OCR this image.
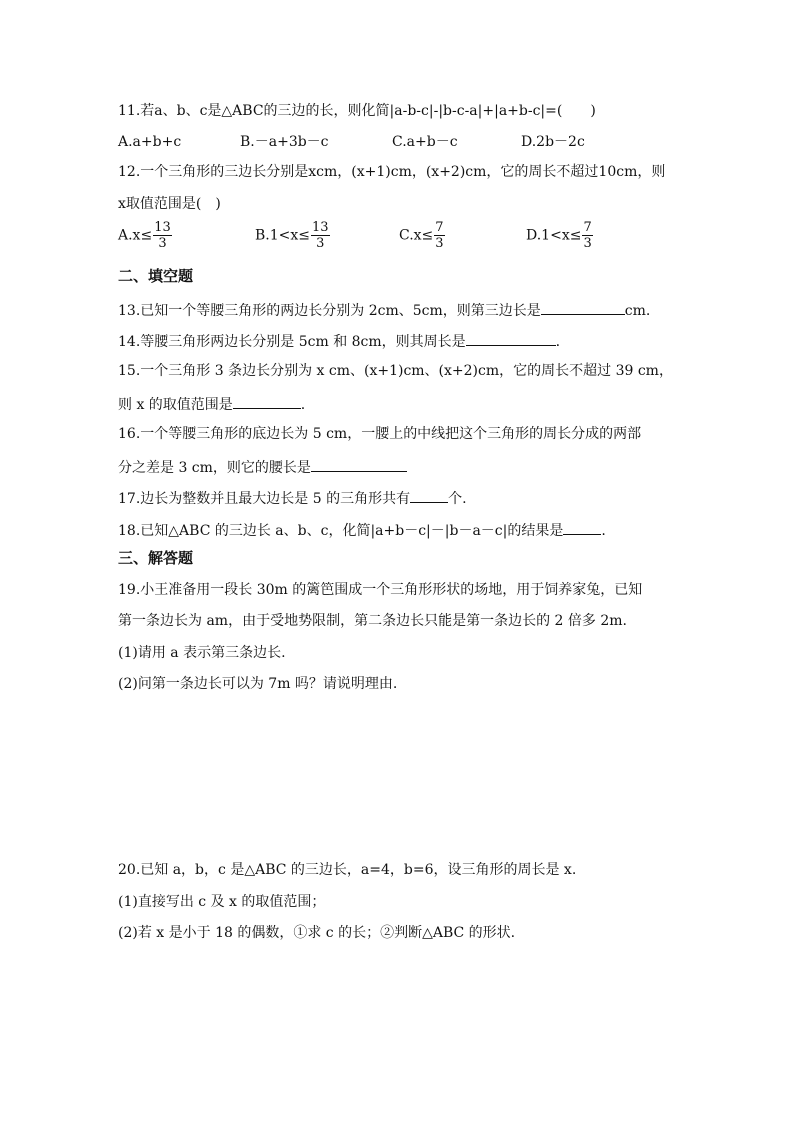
11.若a、b、c是△ABC的三边的长，则化简|a-b-c|-|b-c-a|+|a+b-c|=(　　)
A.a+b+c	B.－a+3b－c	C.a+b－c	D.2b－2c
12.一个三角形的三边长分别是xcm，(x+1)cm，(x+2)cm，它的周长不超过10cm，则
x取值范围是(　)
$A.x\le \frac{13}{3}$	$B.1<x\le \frac{13}{3}$	$C.x\le \frac{7}{3}$	$D.1<x\le \frac{7}{3}$
二、填空题
13.已知一个等腰三角形的两边长分别为 2cm、5cm，则第三边长是	cm.
14.等腰三角形两边长分别是 5cm 和 8cm，则其周长是	.
15.一个三角形 3 条边长分别为 x cm、(x+1)cm、(x+2)cm，它的周长不超过 39 cm，
则 x 的取值范围是	.
16.一个等腰三角形的底边长为 5 cm，一腰上的中线把这个三角形的周长分成的两部
分之差是 3 cm，则它的腰长是
17.边长为整数并且最大边长是 5 的三角形共有	个.
18.已知△ABC 的三边长 a、b、c，化简|a+b－c|－|b－a－c|的结果是	.
三、解答题
19.小王准备用一段长 30m 的篱笆围成一个三角形形状的场地，用于饲养家兔，已知
第一条边长为 am，由于受地势限制，第二条边长只能是第一条边长的 2 倍多 2m.
(1)请用 a 表示第三条边长.
(2)问第一条边长可以为 7m 吗？请说明理由.
20.已知 a，b，c 是△ABC 的三边长，a=4，b=6，设三角形的周长是 x.
(1)直接写出 c 及 x 的取值范围；
(2)若 x 是小于 18 的偶数，①求 c 的长；②判断△ABC 的形状.
